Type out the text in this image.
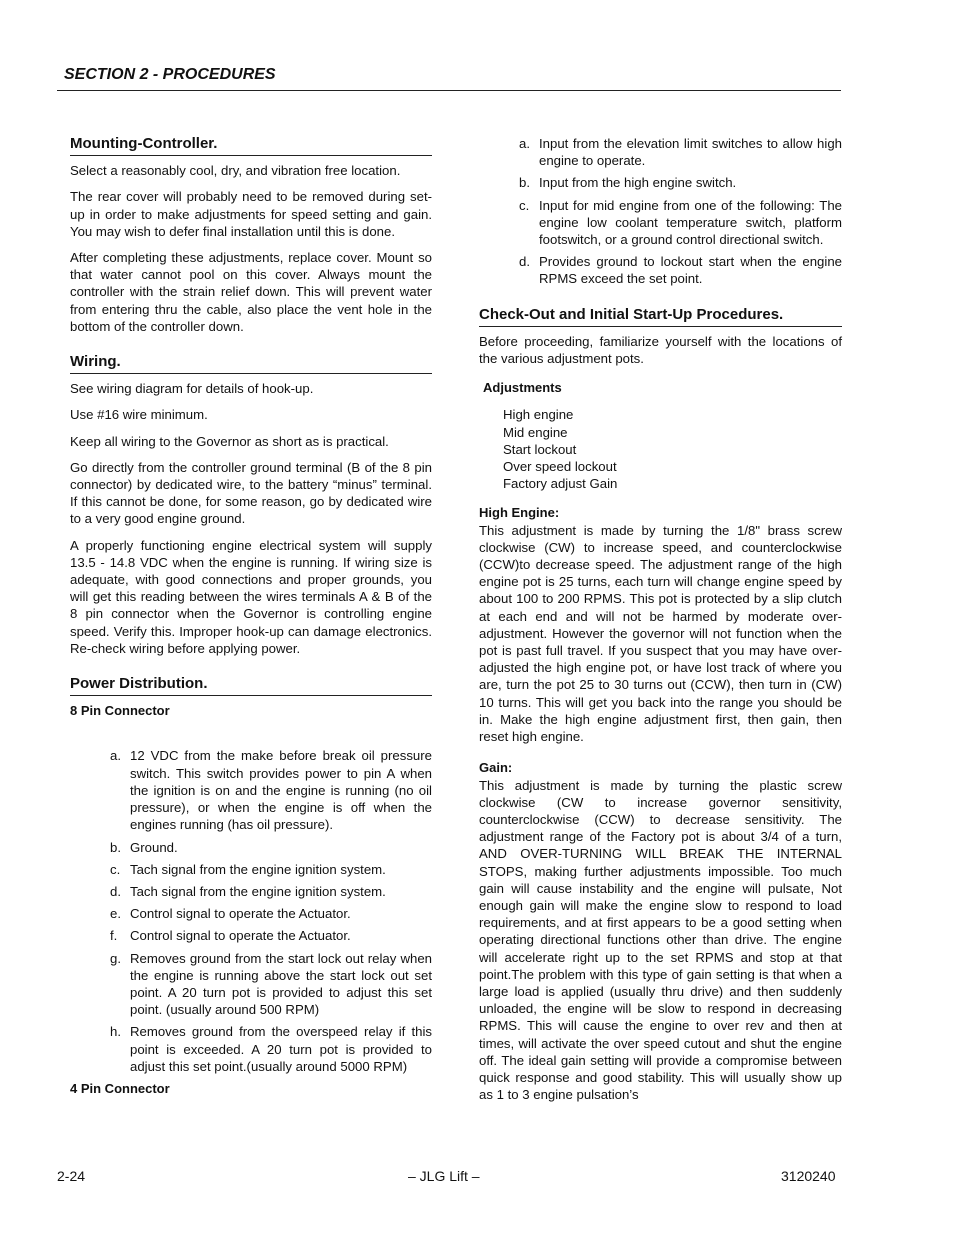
SECTION 2 - PROCEDURES
Mounting-Controller.

Select a reasonably cool, dry, and vibration free location.

The rear cover will probably need to be removed during set-up in order to make adjustments for speed setting and gain. You may wish to defer final installation until this is done.

After completing these adjustments, replace cover. Mount so that water cannot pool on this cover. Always mount the controller with the strain relief down. This will prevent water from entering thru the cable, also place the vent hole in the bottom of the controller down.

Wiring.

See wiring diagram for details of hook-up.

Use #16 wire minimum.

Keep all wiring to the Governor as short as is practical.

Go directly from the controller ground terminal (B of the 8 pin connector) by dedicated wire, to the battery “minus” terminal. If this cannot be done, for some reason, go by dedicated wire to a very good engine ground.

A properly functioning engine electrical system will supply 13.5 - 14.8 VDC when the engine is running. If wiring size is adequate, with good connections and proper grounds, you will get this reading between the wires terminals A & B of the 8 pin connector when the Governor is controlling engine speed. Verify this. Improper hook-up can damage electronics. Re-check wiring before applying power.

Power Distribution.
8 Pin Connector
a. 12 VDC from the make before break oil pressure switch. This switch provides power to pin A when the ignition is on and the engine is running (no oil pressure), or when the engine is off when the engines running (has oil pressure).
b. Ground.
c. Tach signal from the engine ignition system.
d. Tach signal from the engine ignition system.
e. Control signal to operate the Actuator.
f. Control signal to operate the Actuator.
g. Removes ground from the start lock out relay when the engine is running above the start lock out set point. A 20 turn pot is provided to adjust this set point. (usually around 500 RPM)
h. Removes ground from the overspeed relay if this point is exceeded. A 20 turn pot is provided to adjust this set point.(usually around 5000 RPM)
4 Pin Connector
a. Input from the elevation limit switches to allow high engine to operate.
b. Input from the high engine switch.
c. Input for mid engine from one of the following: The engine low coolant temperature switch, platform footswitch, or a ground control directional switch.
d. Provides ground to lockout start when the engine RPMS exceed the set point.
Check-Out and Initial Start-Up Procedures.

Before proceeding, familiarize yourself with the locations of the various adjustment pots.

Adjustments
High engine
Mid engine
Start lockout
Over speed lockout
Factory adjust Gain
High Engine:

This adjustment is made by turning the 1/8" brass screw clockwise (CW) to increase speed, and counterclockwise (CCW)to decrease speed. The adjustment range of the high engine pot is 25 turns, each turn will change engine speed by about 100 to 200 RPMS. This pot is protected by a slip clutch at each end and will not be harmed by moderate over-adjustment. However the governor will not function when the pot is past full travel. If you suspect that you may have over-adjusted the high engine pot, or have lost track of where you are, turn the pot 25 to 30 turns out (CCW), then turn in (CW) 10 turns. This will get you back into the range you should be in. Make the high engine adjustment first, then gain, then reset high engine.

Gain:

This adjustment is made by turning the plastic screw clockwise (CW to increase governor sensitivity, counterclockwise (CCW) to decrease sensitivity. The adjustment range of the Factory pot is about 3/4 of a turn, AND OVER-TURNING WILL BREAK THE INTERNAL STOPS, making further adjustments impossible. Too much gain will cause instability and the engine will pulsate, Not enough gain will make the engine slow to respond to load requirements, and at first appears to be a good setting when operating directional functions other than drive. The engine will accelerate right up to the set RPMS and stop at that point.The problem with this type of gain setting is that when a large load is applied (usually thru drive) and then suddenly unloaded, the engine will be slow to respond in decreasing RPMS. This will cause the engine to over rev and then at times, will activate the over speed cutout and shut the engine off. The ideal gain setting will provide a compromise between quick response and good stability. This will usually show up as 1 to 3 engine pulsation’s

2-24	– JLG Lift –	3120240
